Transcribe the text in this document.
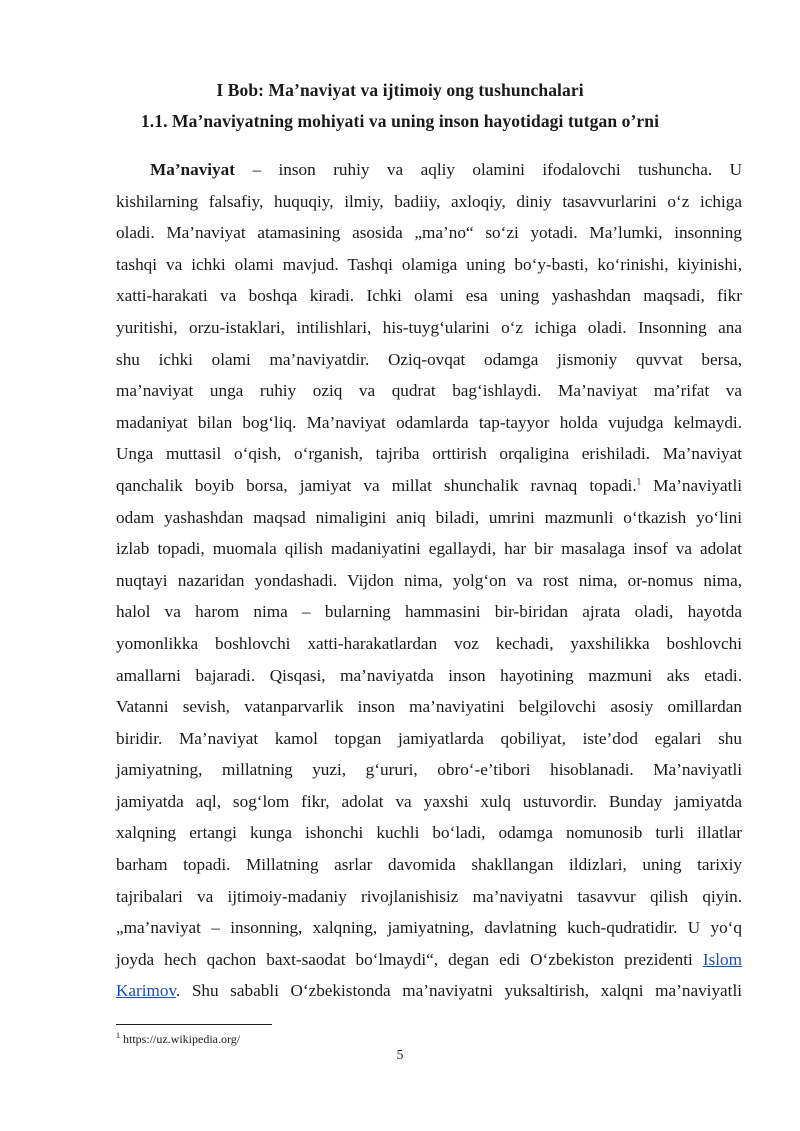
I Bob: Ma’naviyat va ijtimoiy ong tushunchalari
1.1. Ma’naviyatning mohiyati va uning inson hayotidagi tutgan o’rni
Ma’naviyat – inson ruhiy va aqliy olamini ifodalovchi tushuncha. U
kishilarning falsafiy, huquqiy, ilmiy, badiiy, axloqiy, diniy tasavvurlarini o‘z ichiga
oladi. Ma’naviyat atamasining asosida „ma’no“ so‘zi yotadi. Ma’lumki, insonning
tashqi va ichki olami mavjud. Tashqi olamiga uning bo‘y-basti, ko‘rinishi, kiyinishi,
xatti-harakati va boshqa kiradi. Ichki olami esa uning yashashdan maqsadi, fikr
yuritishi, orzu-istaklari, intilishlari, his-tuyg‘ularini o‘z ichiga oladi. Insonning ana
shu ichki olami ma’naviyatdir. Oziq-ovqat odamga jismoniy quvvat bersa,
ma’naviyat unga ruhiy oziq va qudrat bag‘ishlaydi. Ma’naviyat ma’rifat va
madaniyat bilan bog‘liq. Ma’naviyat odamlarda tap-tayyor holda vujudga kelmaydi.
Unga muttasil o‘qish, o‘rganish, tajriba orttirish orqaligina erishiladi. Ma’naviyat
qanchalik boyib borsa, jamiyat va millat shunchalik ravnaq topadi.$^1$ Ma’naviyatli
odam yashashdan maqsad nimaligini aniq biladi, umrini mazmunli o‘tkazish yo‘lini
izlab topadi, muomala qilish madaniyatini egallaydi, har bir masalaga insof va adolat
nuqtayi nazaridan yondashadi. Vijdon nima, yolg‘on va rost nima, or-nomus nima,
halol va harom nima – bularning hammasini bir-biridan ajrata oladi, hayotda
yomonlikka boshlovchi xatti-harakatlardan voz kechadi, yaxshilikka boshlovchi
amallarni bajaradi. Qisqasi, ma’naviyatda inson hayotining mazmuni aks etadi.
Vatanni sevish, vatanparvarlik inson ma’naviyatini belgilovchi asosiy omillardan
biridir. Ma’naviyat kamol topgan jamiyatlarda qobiliyat, iste’dod egalari shu
jamiyatning, millatning yuzi, g‘ururi, obro‘-e’tibori hisoblanadi. Ma’naviyatli
jamiyatda aql, sog‘lom fikr, adolat va yaxshi xulq ustuvordir. Bunday jamiyatda
xalqning ertangi kunga ishonchi kuchli bo‘ladi, odamga nomunosib turli illatlar
barham topadi. Millatning asrlar davomida shakllangan ildizlari, uning tarixiy
tajribalari va ijtimoiy-madaniy rivojlanishisiz ma’naviyatni tasavvur qilish qiyin.
„ma’naviyat – insonning, xalqning, jamiyatning, davlatning kuch-qudratidir. U yo‘q
joyda hech qachon baxt-saodat bo‘lmaydi“, degan edi O‘zbekiston prezidenti Islom
Karimov. Shu sababli O‘zbekistonda ma’naviyatni yuksaltirish, xalqni ma’naviyatli
$^1$ https://uz.wikipedia.org/
5
